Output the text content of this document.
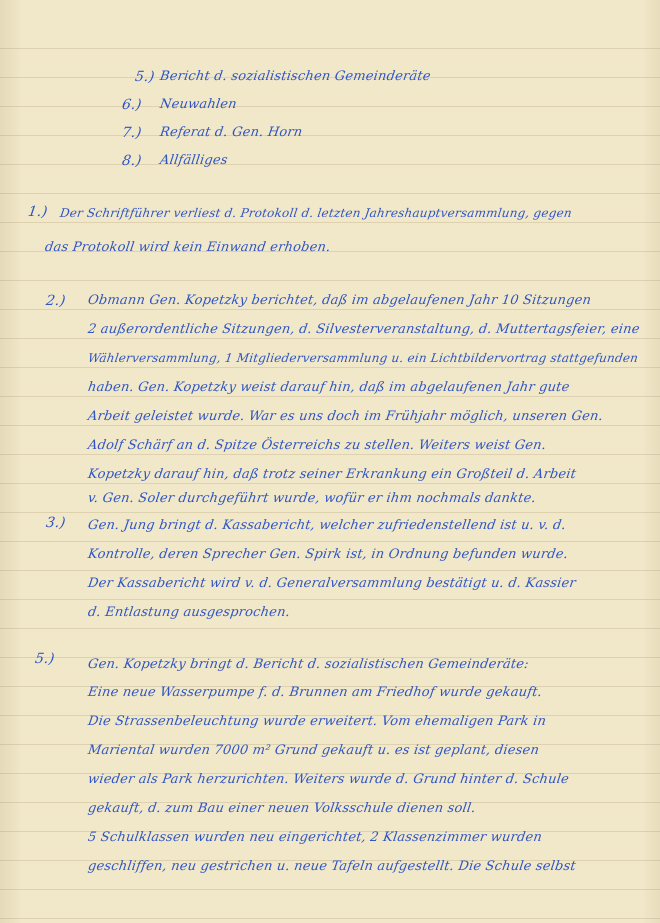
5.) Bericht d. sozialistischen Gemeinderäte
6.) Neuwahlen
7.) Referat d. Gen. Horn
8.) Allfälliges
1.) Der Schriftführer verliest d. Protokoll d. letzten Jahreshauptversammlung, gegen
das Protokoll wird kein Einwand erhoben.
2.) Obmann Gen. Kopetzky berichtet, daß im abgelaufenen Jahr 10 Sitzungen
2 außerordentliche Sitzungen, d. Silvesterveranstaltung, d. Muttertagsfeier, eine
Wählerversammlung, 1 Mitgliederversammlung u. ein Lichtbildervortrag stattgefunden
haben. Gen. Kopetzky weist darauf hin, daß im abgelaufenen Jahr gute
Arbeit geleistet wurde. War es uns doch im Frühjahr möglich, unseren Gen.
Adolf Schärf an d. Spitze Österreichs zu stellen. Weiters weist Gen.
Kopetzky darauf hin, daß trotz seiner Erkrankung ein Großteil d. Arbeit
v. Gen. Soler durchgeführt wurde, wofür er ihm nochmals dankte.
3.) Gen. Jung bringt d. Kassabericht, welcher zufriedenstellend ist u. v. d.
Kontrolle, deren Sprecher Gen. Spirk ist, in Ordnung befunden wurde.
Der Kassabericht wird v. d. Generalversammlung bestätigt u. d. Kassier
d. Entlastung ausgesprochen.
5.) Gen. Kopetzky bringt d. Bericht d. sozialistischen Gemeinderäte:
Eine neue Wasserpumpe f. d. Brunnen am Friedhof wurde gekauft.
Die Strassenbeleuchtung wurde erweitert. Vom ehemaligen Park in
Mariental wurden 7000 m² Grund gekauft u. es ist geplant, diesen
wieder als Park herzurichten. Weiters wurde d. Grund hinter d. Schule
gekauft, d. zum Bau einer neuen Volksschule dienen soll.
5 Schulklassen wurden neu eingerichtet, 2 Klassenzimmer wurden
geschliffen, neu gestrichen u. neue Tafeln aufgestellt. Die Schule selbst
